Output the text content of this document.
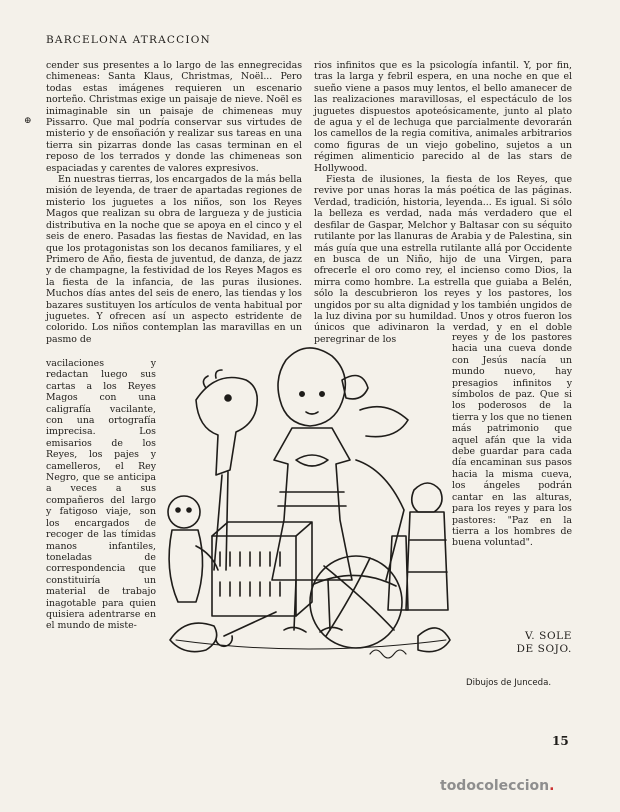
BARCELONA ATRACCION
⊕

cender sus presentes a lo largo de las ennegrecidas chimeneas: Santa Klaus, Christmas, Noël... Pero todas estas imágenes requieren un escenario norteño. Christmas exige un paisaje de nieve. Noël es inimaginable sin un paisaje de chimeneas muy Pissarro. Que mal podría conservar sus virtudes de misterio y de ensoñación y realizar sus tareas en una tierra sin pizarras donde las casas terminan en el reposo de los terrados y donde las chimeneas son espaciadas y carentes de valores expresivos.

En nuestras tierras, los encargados de la más bella misión de leyenda, de traer de apartadas regiones de misterio los juguetes a los niños, son los Reyes Magos que realizan su obra de largueza y de justicia distributiva en la noche que se apoya en el cinco y el seis de enero. Pasadas las fiestas de Navidad, en las que los protagonistas son los decanos familiares, y el Primero de Año, fiesta de juventud, de danza, de jazz y de champagne, la festividad de los Reyes Magos es la fiesta de la infancia, de las puras ilusiones. Muchos días antes del seis de enero, las tiendas y los bazares sustituyen los artículos de venta habitual por juguetes. Y ofrecen así un aspecto estridente de colorido. Los niños contemplan las maravillas en un pasmo de

rios infinitos que es la psicología infantil. Y, por fin, tras la larga y febril espera, en una noche en que el sueño viene a pasos muy lentos, el bello amanecer de las realizaciones maravillosas, el espectáculo de los juguetes dispuestos apoteósicamente, junto al plato de agua y el de lechuga que parcialmente devorarán los camellos de la regia comitiva, animales arbitrarios como figuras de un viejo gobelino, sujetos a un régimen alimenticio parecido al de las stars de Hollywood.

Fiesta de ilusiones, la fiesta de los Reyes, que revive por unas horas la más poética de las páginas. Verdad, tradición, historia, leyenda... Es igual. Si sólo la belleza es verdad, nada más verdadero que el desfilar de Gaspar, Melchor y Baltasar con su séquito rutilante por las llanuras de Arabia y de Palestina, sin más guía que una estrella rutilante allá por Occidente en busca de un Niño, hijo de una Virgen, para ofrecerle el oro como rey, el incienso como Dios, la mirra como hombre. La estrella que guiaba a Belén, sólo la descubrieron los reyes y los pastores, los ungidos por su alta dignidad y los también ungidos de la luz divina por su humildad. Unos y otros fueron los únicos que adivinaron la verdad, y en el doble peregrinar de los

vacilaciones y redactan luego sus cartas a los Reyes Magos con una caligrafía vacilante, con una ortografía imprecisa. Los emisarios de los Reyes, los pajes y camelleros, el Rey Negro, que se anticipa a veces a sus compañeros del largo y fatigoso viaje, son los encargados de recoger de las tímidas manos infantiles, toneladas de correspondencia que constituiría un material de trabajo inagotable para quien quisiera adentrarse en el mundo de miste-

reyes y de los pastores hacia una cueva donde con Jesús nacía un mundo nuevo, hay presagios infinitos y símbolos de paz. Que si los poderosos de la tierra y los que no tienen más patrimonio que aquel afán que la vida debe guardar para cada día encaminan sus pasos hacia la misma cueva, los ángeles podrán cantar en las alturas, para los reyes y para los pastores: "Paz en la tierra a los hombres de buena voluntad".

V. SOLE
DE SOJO.
Dibujos de Junceda.
15
todocoleccion.
